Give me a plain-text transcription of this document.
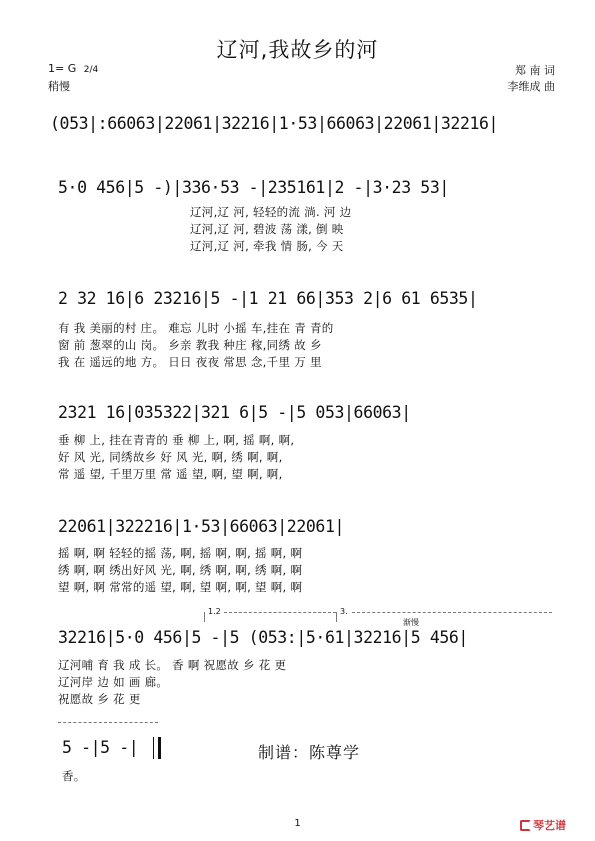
辽河,我故乡的河
1= G 2/4
稍慢
郑 南 词
李维成 曲
(053|:66063|22061|32216|1·53|66063|22061|32216|
5·0 456|5 -)|336·53 -|235161|2 -|3·23 53|
辽河,辽 河, 轻轻的流 淌. 河 边
辽河,辽 河, 碧波 荡 漾, 倒 映
辽河,辽 河, 牵我 情 肠, 今 天
2 32 16|6 23216|5 -|1 21 66|353 2|6 61 6535|
有 我 美丽的村 庄。 难忘 儿时 小摇 车,挂在 青 青的
窗 前 葱翠的山 岗。 乡亲 教我 种庄 稼,同绣 故 乡
我 在 遥远的地 方。 日日 夜夜 常思 念,千里 万 里
2321 16|035322|321 6|5 -|5 053|66063|
垂 柳 上, 挂在青青的 垂 柳 上, 啊, 摇 啊, 啊,
好 风 光, 同绣故乡 好 风 光, 啊, 绣 啊, 啊,
常 遥 望, 千里万里 常 遥 望, 啊, 望 啊, 啊,
22061|322216|1·53|66063|22061|
摇 啊, 啊 轻轻的摇 荡, 啊, 摇 啊, 啊, 摇 啊, 啊
绣 啊, 啊 绣出好风 光, 啊, 绣 啊, 啊, 绣 啊, 啊
望 啊, 啊 常常的遥 望, 啊, 望 啊, 啊, 望 啊, 啊
1.2	3.
渐慢
32216|5·0 456|5 -|5 (053:|5·61|32216|5 456|
辽河哺 育 我 成 长。 香 啊 祝愿故 乡 花 更
辽河岸 边 如 画 廊。
祝愿故 乡 花 更
5 -|5 -|
香。
制谱：陈尊学
1	琴艺谱
